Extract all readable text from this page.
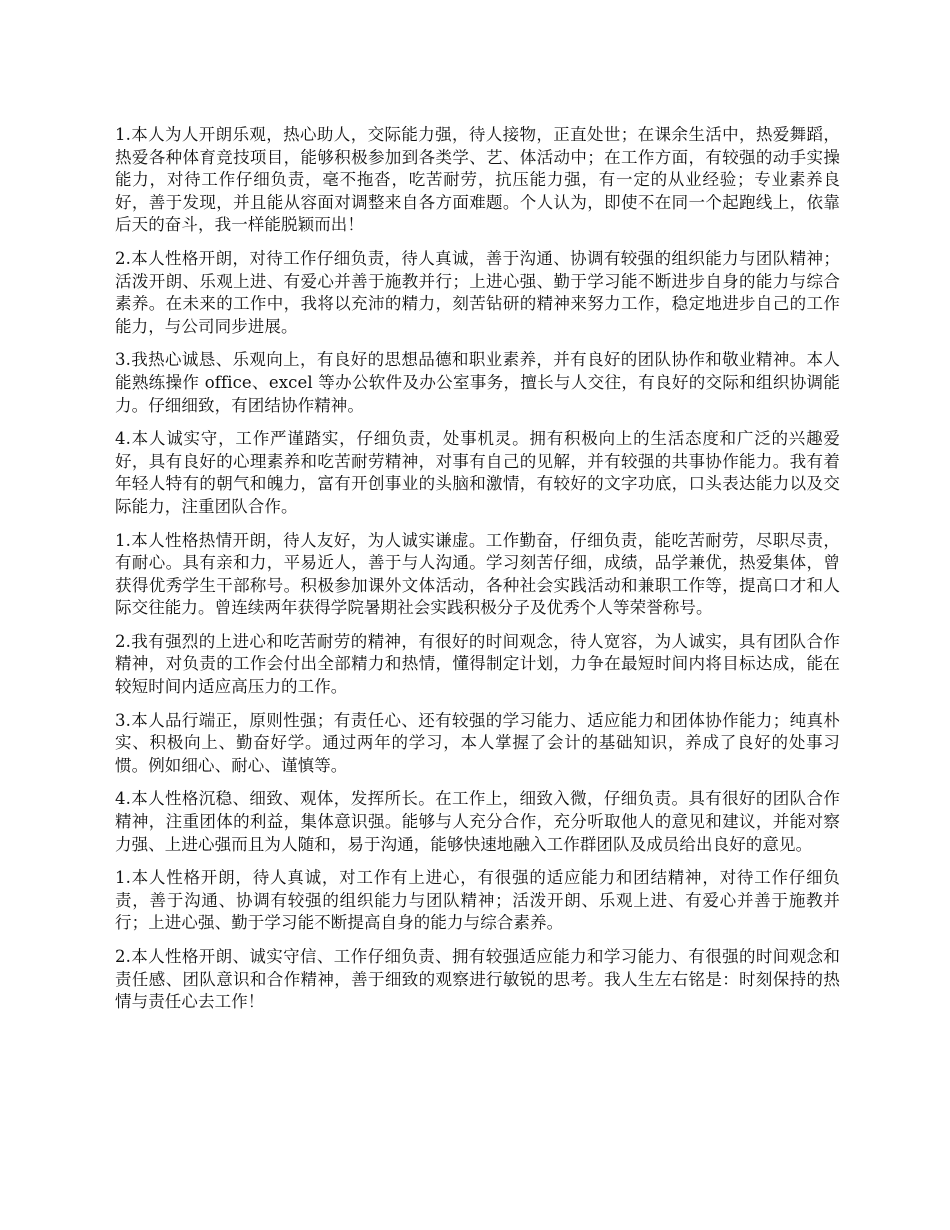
1.本人为人开朗乐观，热心助人，交际能力强，待人接物，正直处世；在课余生活中，热爱舞蹈，热爱各种体育竞技项目，能够积极参加到各类学、艺、体活动中；在工作方面，有较强的动手实操能力，对待工作仔细负责，毫不拖沓，吃苦耐劳，抗压能力强，有一定的从业经验；专业素养良好，善于发现，并且能从容面对调整来自各方面难题。个人认为，即使不在同一个起跑线上，依靠后天的奋斗，我一样能脱颖而出！

2.本人性格开朗，对待工作仔细负责，待人真诚，善于沟通、协调有较强的组织能力与团队精神；活泼开朗、乐观上进、有爱心并善于施教并行；上进心强、勤于学习能不断进步自身的能力与综合素养。在未来的工作中，我将以充沛的精力，刻苦钻研的精神来努力工作，稳定地进步自己的工作能力，与公司同步进展。

3.我热心诚恳、乐观向上，有良好的思想品德和职业素养，并有良好的团队协作和敬业精神。本人能熟练操作 office、excel 等办公软件及办公室事务，擅长与人交往，有良好的交际和组织协调能力。仔细细致，有团结协作精神。

4.本人诚实守，工作严谨踏实，仔细负责，处事机灵。拥有积极向上的生活态度和广泛的兴趣爱好，具有良好的心理素养和吃苦耐劳精神，对事有自己的见解，并有较强的共事协作能力。我有着年轻人特有的朝气和魄力，富有开创事业的头脑和激情，有较好的文字功底，口头表达能力以及交际能力，注重团队合作。

1.本人性格热情开朗，待人友好，为人诚实谦虚。工作勤奋，仔细负责，能吃苦耐劳，尽职尽责，有耐心。具有亲和力，平易近人，善于与人沟通。学习刻苦仔细，成绩，品学兼优，热爱集体，曾获得优秀学生干部称号。积极参加课外文体活动，各种社会实践活动和兼职工作等，提高口才和人际交往能力。曾连续两年获得学院暑期社会实践积极分子及优秀个人等荣誉称号。

2.我有强烈的上进心和吃苦耐劳的精神，有很好的时间观念，待人宽容，为人诚实，具有团队合作精神，对负责的工作会付出全部精力和热情，懂得制定计划，力争在最短时间内将目标达成，能在较短时间内适应高压力的工作。

3.本人品行端正，原则性强；有责任心、还有较强的学习能力、适应能力和团体协作能力；纯真朴实、积极向上、勤奋好学。通过两年的学习，本人掌握了会计的基础知识，养成了良好的处事习惯。例如细心、耐心、谨慎等。

4.本人性格沉稳、细致、观体，发挥所长。在工作上，细致入微，仔细负责。具有很好的团队合作精神，注重团体的利益，集体意识强。能够与人充分合作，充分听取他人的意见和建议，并能对察力强、上进心强而且为人随和，易于沟通，能够快速地融入工作群团队及成员给出良好的意见。

1.本人性格开朗，待人真诚，对工作有上进心，有很强的适应能力和团结精神，对待工作仔细负责，善于沟通、协调有较强的组织能力与团队精神；活泼开朗、乐观上进、有爱心并善于施教并行；上进心强、勤于学习能不断提高自身的能力与综合素养。

2.本人性格开朗、诚实守信、工作仔细负责、拥有较强适应能力和学习能力、有很强的时间观念和责任感、团队意识和合作精神，善于细致的观察进行敏锐的思考。我人生左右铭是：时刻保持的热情与责任心去工作！
